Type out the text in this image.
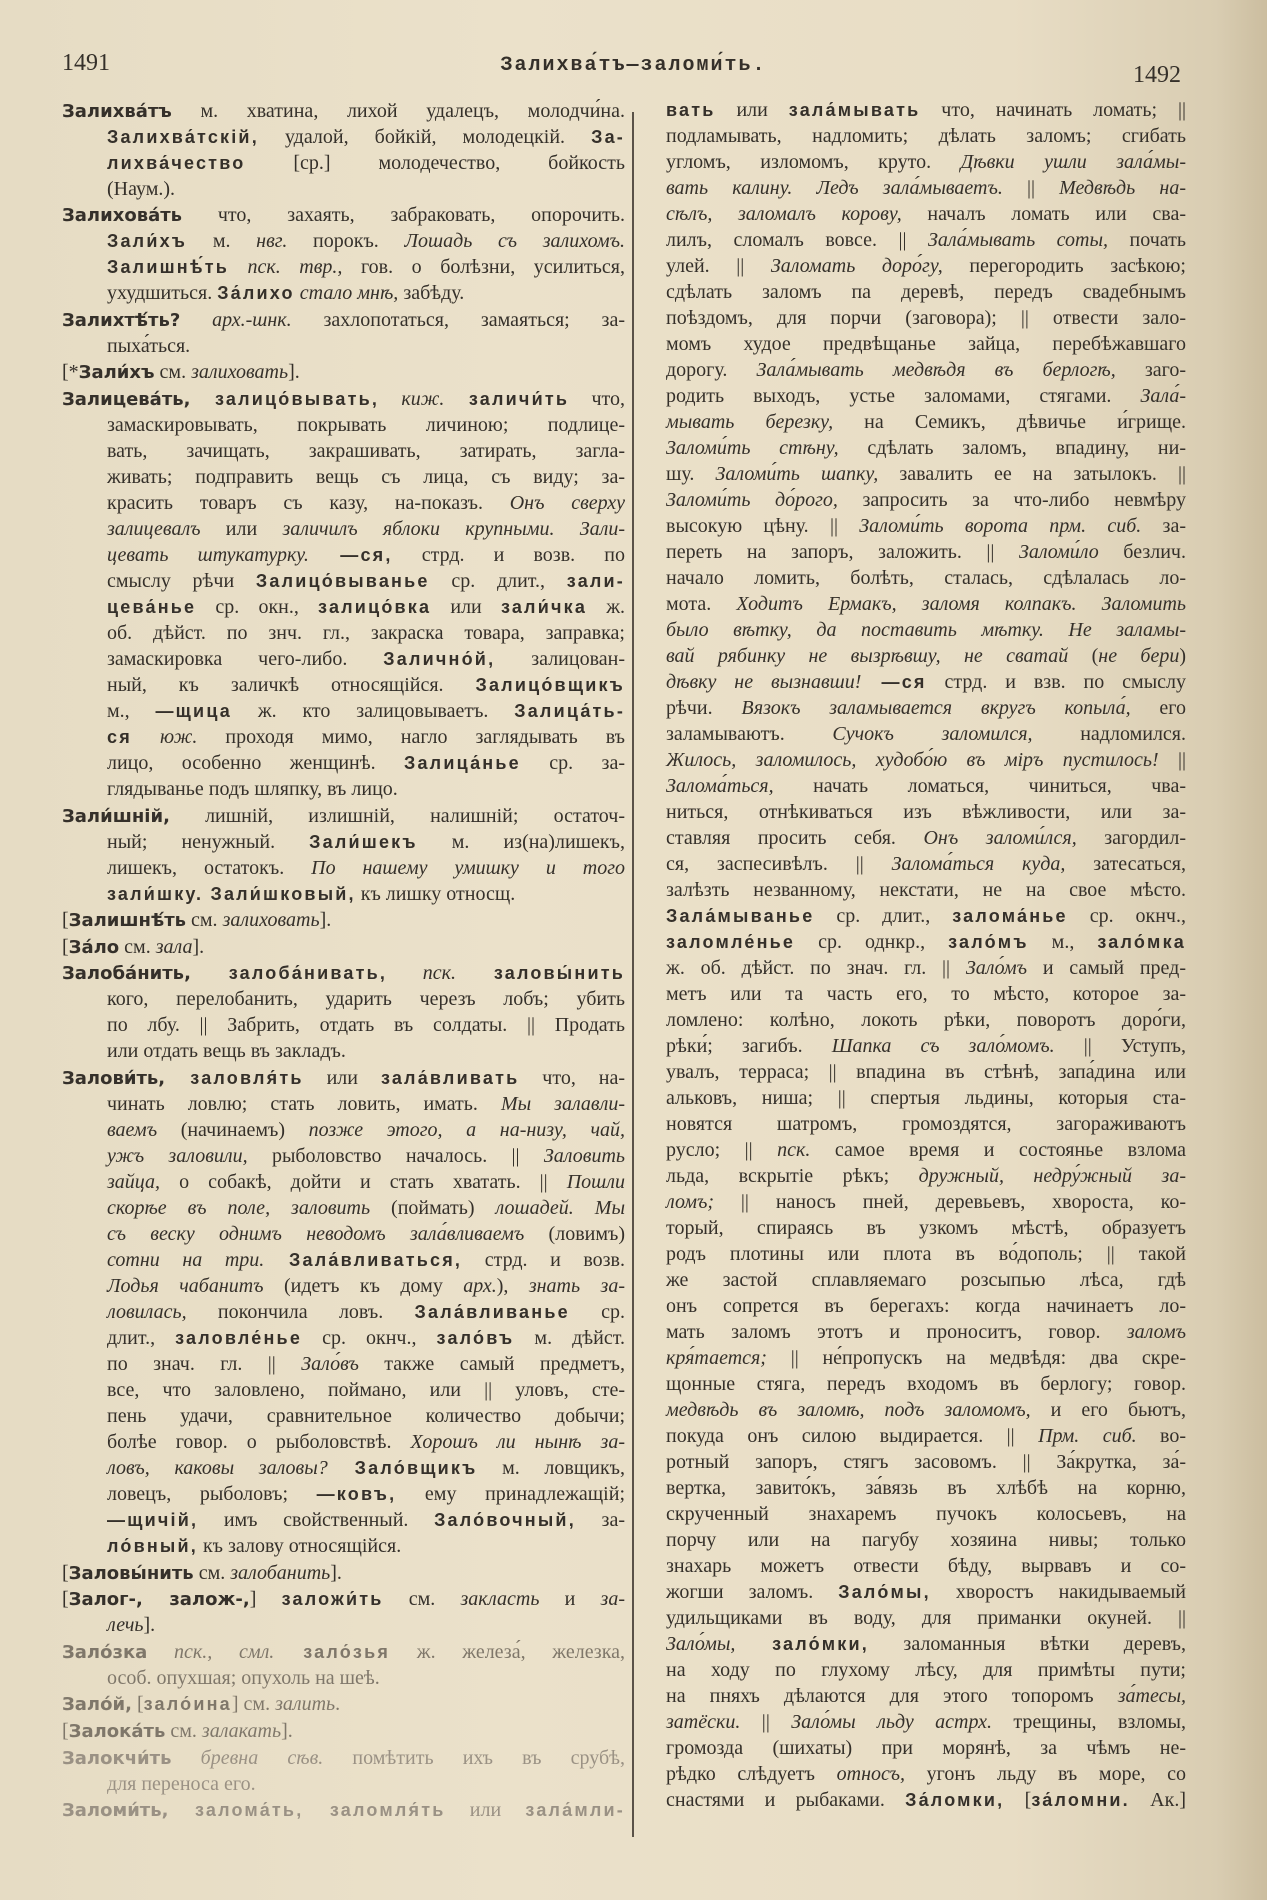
1491	Залихва́тъ—заломи́ть.	1492
Залихва́тъ м. хватина, лихой удалецъ, молодчи́на.
Залихва́тскій, удалой, бойкій, молодецкій. За-
лихва́чество [ср.] молодечество, бойкость
(Наум.).
Залихова́ть что, захаять, забраковать, опорочить.
Зали́хъ м. нвг. порокъ. Лошадь съ залихомъ.
Залишнѣ́ть пск. твр., гов. о болѣзни, усилиться,
ухудшиться. За́лихо стало мнѣ, забѣду.
Залихтѣ́ть? арх.-шнк. захлопотаться, замаяться; за-
пыха́ться.
[*Зали́хъ см. залиховать].
Залицева́ть, залицо́вывать, киж. заличи́ть что,
замаскировывать, покрывать личиною; подлице-
вать, зачищать, закрашивать, затирать, загла-
живать; подправить вещь съ лица, съ виду; за-
красить товаръ съ казу, на-показъ. Онъ сверху
залицевалъ или заличилъ яблоки крупными. Зали-
цевать штукатурку. —ся, стрд. и возв. по
смыслу рѣчи Залицо́выванье ср. длит., зали-
цева́нье ср. окн., залицо́вка или зали́чка ж.
об. дѣйст. по знч. гл., закраска товара, заправка;
замаскировка чего-либо. Залично́й, залицован-
ный, къ заличкѣ относящійся. Залицо́вщикъ
м., —щица ж. кто залицовываетъ. Залица́ть-
ся юж. проходя мимо, нагло заглядывать въ
лицо, особенно женщинѣ. Залица́нье ср. за-
глядыванье подъ шляпку, въ лицо.
Зали́шній, лишній, излишній, налишній; остаточ-
ный; ненужный. Зали́шекъ м. из(на)лишекъ,
лишекъ, остатокъ. По нашему умишку и того
зали́шку. Зали́шковый, къ лишку относщ.
[Залишнѣ́ть см. залиховать].
[За́ло см. зала].
Залоба́нить, залоба́нивать, пск. заловы́нить
кого, перелобанить, ударить черезъ лобъ; убить
по лбу. || Забрить, отдать въ солдаты. || Продать
или отдать вещь въ закладъ.
Залови́ть, заловля́ть или зала́вливать что, на-
чинать ловлю; стать ловить, имать. Мы залавли-
ваемъ (начинаемъ) позже этого, а на-низу, чай,
ужъ заловили, рыболовство началось. || Заловить
зайца, о собакѣ, дойти и стать хватать. || Пошли
скорѣе въ поле, заловить (поймать) лошадей. Мы
съ веску однимъ неводомъ зала́вливаемъ (ловимъ)
сотни на три. Зала́вливаться, стрд. и возв.
Лодья чабанитъ (идетъ къ дому арх.), знать за-
ловилась, покончила ловъ. Зала́вливанье ср.
длит., заловле́нье ср. окнч., зало́въ м. дѣйст.
по знач. гл. || Зало́въ также самый предметъ,
все, что заловлено, поймано, или || уловъ, сте-
пень удачи, сравнительное количество добычи;
болѣе говор. о рыболовствѣ. Хорошъ ли нынѣ за-
ловъ, каковы заловы? Зало́вщикъ м. ловщикъ,
ловецъ, рыболовъ; —ковъ, ему принадлежащій;
—щичій, имъ свойственный. Зало́вочный, за-
ло́вный, къ залову относящійся.
[Заловы́нить см. залобанить].
[Залог-, залож-,] заложи́ть см. закласть и за-
лечь].
Зало́зка пск., смл. зало́зья ж. железа́, железка,
особ. опухшая; опухоль на шеѣ.
Зало́й, [зало́ина] см. залить.
[Залока́ть см. залакать].
Залокчи́ть бревна сѣв. помѣтить ихъ въ срубѣ,
для переноса его.
Заломи́ть, залома́ть, заломля́ть или зала́мли-
вать или зала́мывать что, начинать ломать; ||
подламывать, надломить; дѣлать заломъ; сгибать
угломъ, изломомъ, круто. Дѣвки ушли зала́мы-
вать калину. Ледъ зала́мываетъ. || Медвѣдь на-
сѣлъ, заломалъ корову, началъ ломать или сва-
лилъ, сломалъ вовсе. || Зала́мывать соты, почать
улей. || Заломать доро́гу, перегородить засѣкою;
сдѣлать заломъ па деревѣ, передъ свадебнымъ
поѣздомъ, для порчи (заговора); || отвести зало-
момъ худое предвѣщанье зайца, перебѣжавшаго
дорогу. Зала́мывать медвѣдя въ берлогѣ, заго-
родить выходъ, устье заломами, стягами. Зала́-
мывать березку, на Семикъ, дѣвичье и́грище.
Заломи́ть стѣну, сдѣлать заломъ, впадину, ни-
шу. Заломи́ть шапку, завалить ее на затылокъ. ||
Заломи́ть до́рого, запросить за что-либо невмѣру
высокую цѣну. || Заломи́ть ворота прм. сиб. за-
переть на запоръ, заложить. || Заломи́ло безлич.
начало ломить, болѣть, сталась, сдѣлалась ло-
мота. Ходитъ Ермакъ, заломя колпакъ. Заломить
было вѣтку, да поставить мѣтку. Не заламы-
вай рябинку не вызрѣвшу, не сватай (не бери)
дѣвку не вызнавши! —ся стрд. и взв. по смыслу
рѣчи. Вязокъ заламывается вкругъ копыла́, его
заламываютъ. Сучокъ заломился, надломился.
Жилось, заломилось, худобо́ю въ міръ пустилось! ||
Залома́ться, начать ломаться, чиниться, чва-
ниться, отнѣкиваться изъ вѣжливости, или за-
ставляя просить себя. Онъ заломи́лся, загордил-
ся, заспесивѣлъ. || Залома́ться куда, затесаться,
залѣзть незванному, некстати, не на свое мѣсто.
Зала́мыванье ср. длит., залома́нье ср. окнч.,
заломле́нье ср. однкр., зало́мъ м., зало́мка
ж. об. дѣйст. по знач. гл. || Зало́мъ и самый пред-
метъ или та часть его, то мѣсто, которое за-
ломлено: колѣно, локоть рѣки, поворотъ доро́ги,
рѣки́; загибъ. Шапка съ зало́момъ. || Уступъ,
увалъ, терраса; || впадина въ стѣнѣ, запа́дина или
альковъ, ниша; || спертыя льдины, которыя ста-
новятся шатромъ, громоздятся, загораживаютъ
русло; || пск. самое время и состоянье взлома
льда, вскрытіе рѣкъ; дружный, недру́жный за-
ломъ; || наносъ пней, деревьевъ, хвороста, ко-
торый, спираясь въ узкомъ мѣстѣ, образуетъ
родъ плотины или плота въ во́дополь; || такой
же застой сплавляемаго розсыпью лѣса, гдѣ
онъ сопрется въ берегахъ: когда начинаетъ ло-
мать заломъ этотъ и проноситъ, говор. заломъ
кря́тается; || не́пропускъ на медвѣдя: два скре-
щонные стяга, передъ входомъ въ берлогу; говор.
медвѣдь въ заломѣ, подъ заломомъ, и его бьютъ,
покуда онъ силою выдирается. || Прм. сиб. во-
ротный запоръ, стягъ засовомъ. || За́крутка, за́-
вертка, завито́къ, за́вязь въ хлѣбѣ на корню,
скрученный знахаремъ пучокъ колосьевъ, на
порчу или на пагубу хозяина нивы; только
знахарь можетъ отвести бѣду, вырвавъ и со-
жогши заломъ. Зало́мы, хворостъ накидываемый
удильщиками въ воду, для приманки окуней. ||
Зало́мы, зало́мки, заломанныя вѣтки деревъ,
на ходу по глухому лѣсу, для примѣты пути;
на пняхъ дѣлаются для этого топоромъ за́тесы,
затёски. || Зало́мы льду астрх. трещины, взломы,
громозда (шихаты) при морянѣ, за чѣмъ не-
рѣдко слѣдуетъ относъ, угонъ льду въ море, со
снастями и рыбаками. За́ломки, [за́ломни. Ак.]
